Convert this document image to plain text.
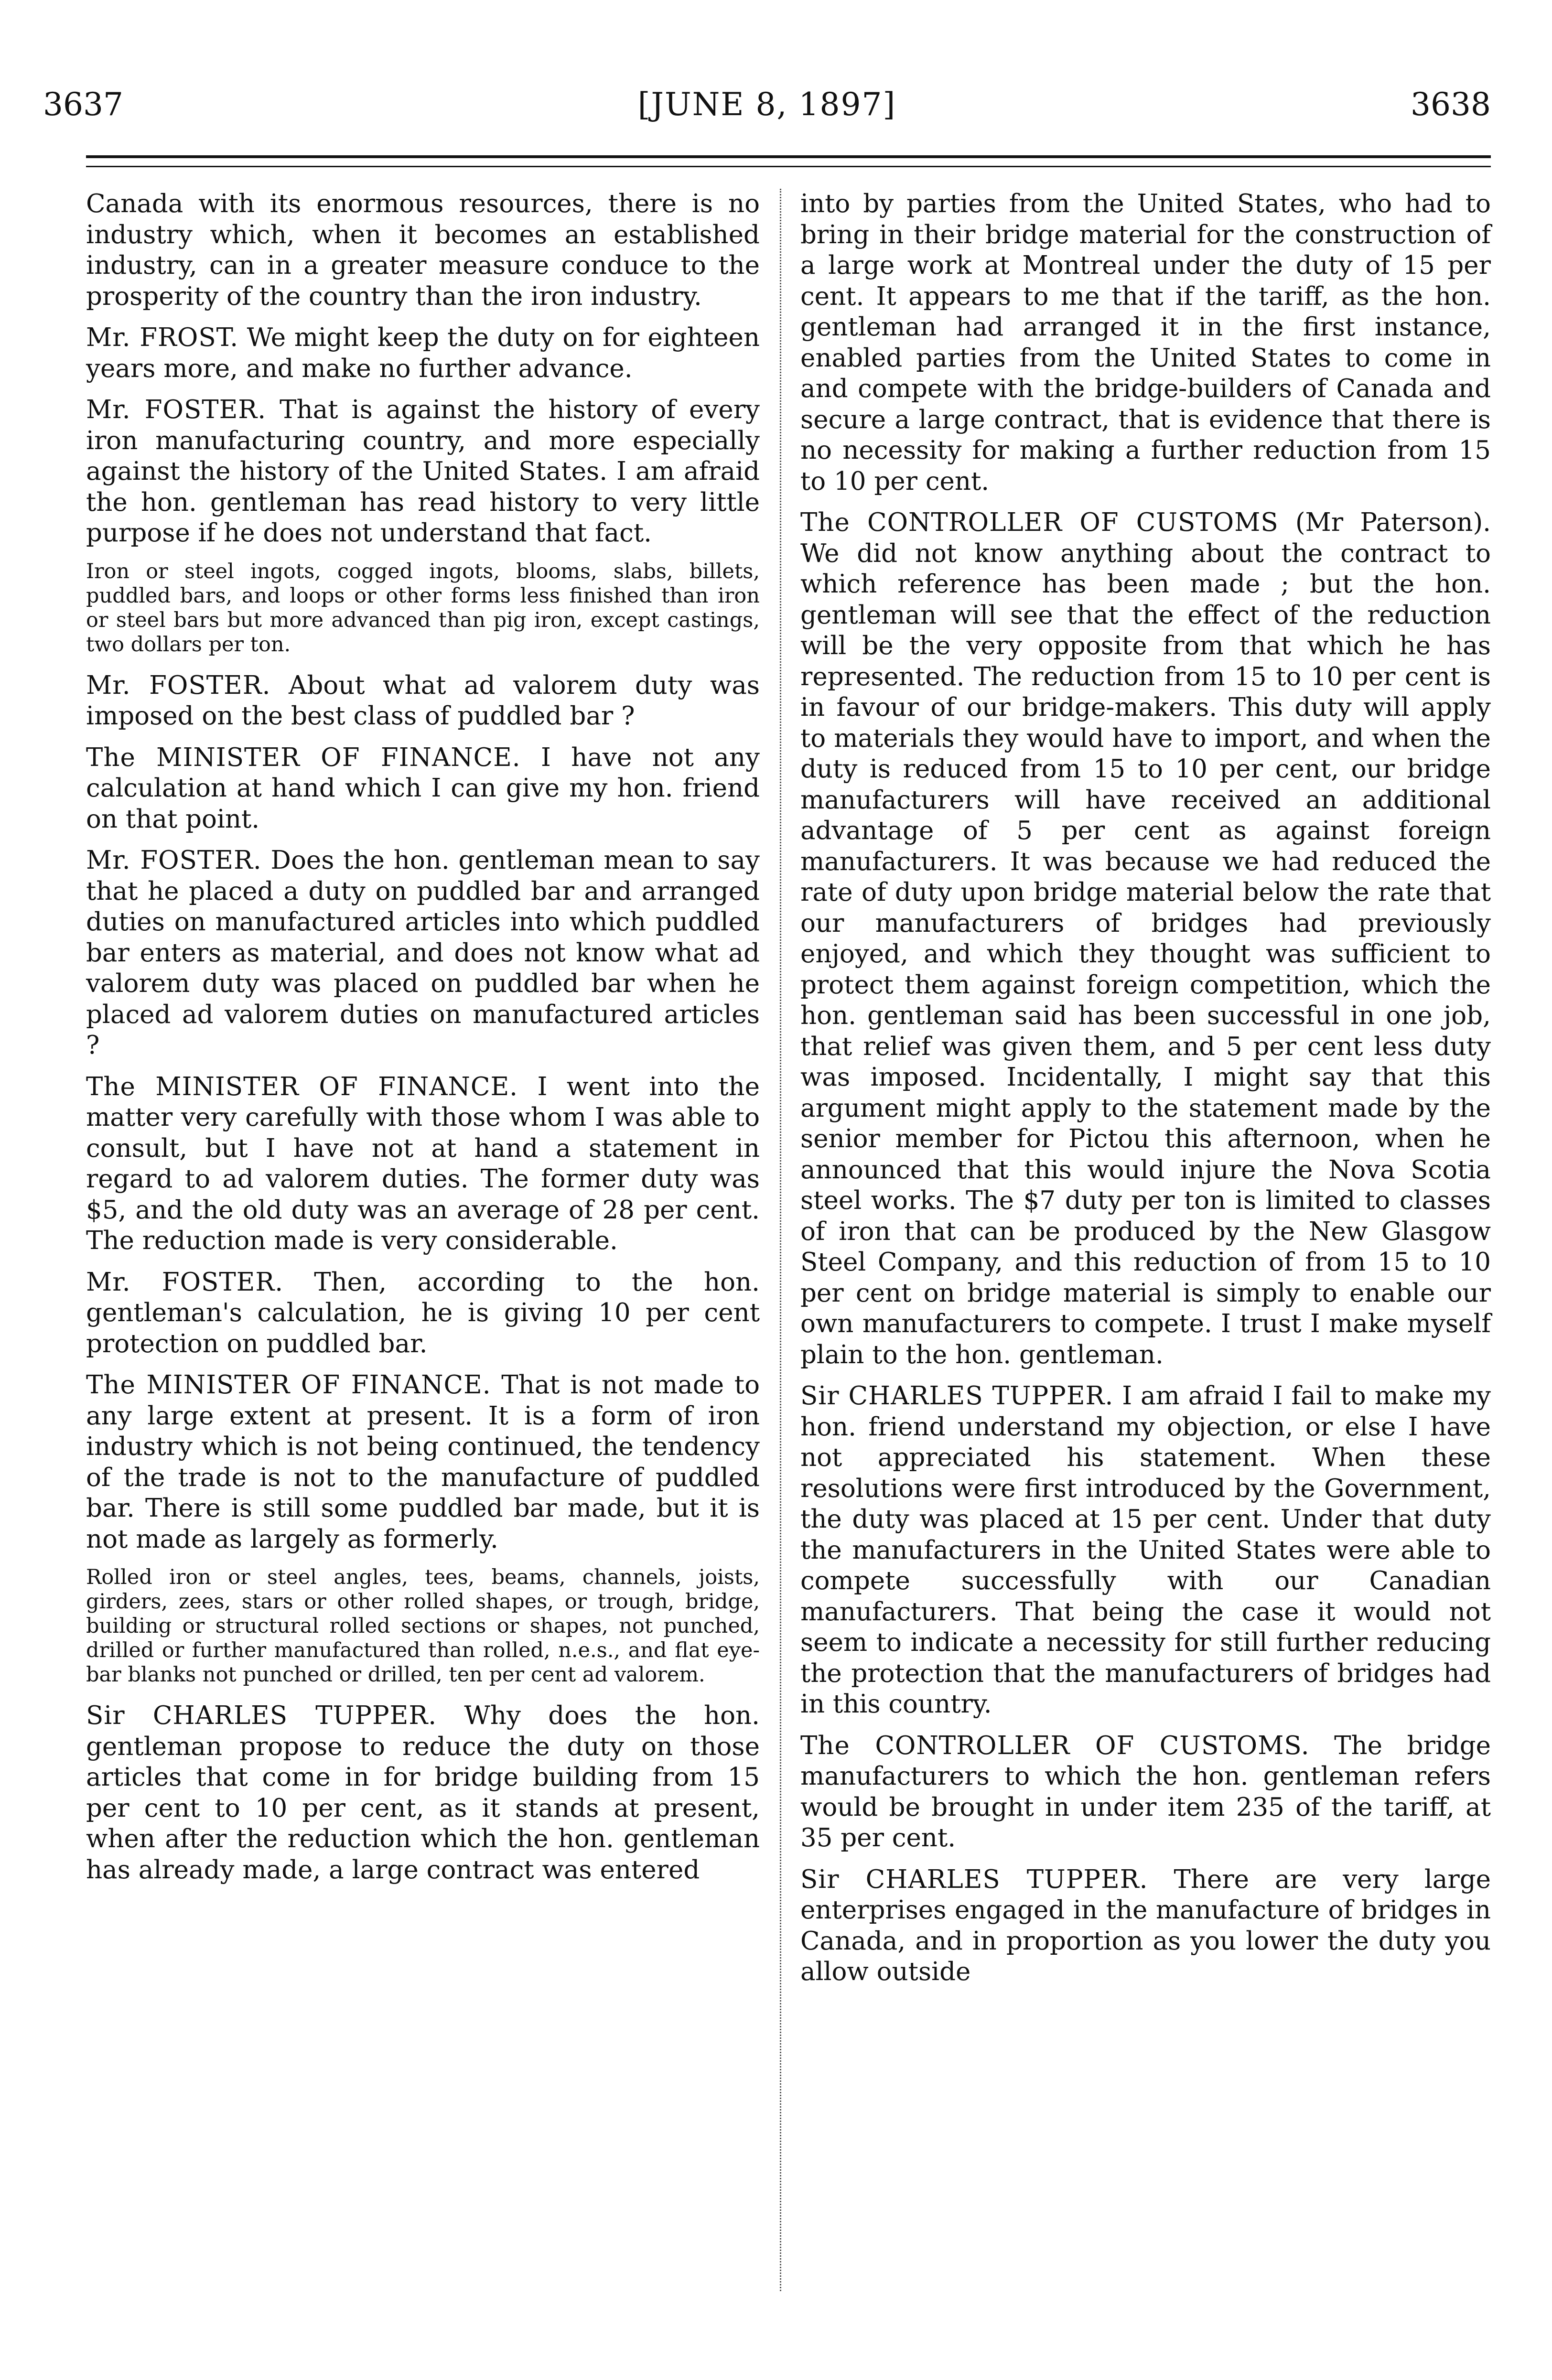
3637	[JUNE 8, 1897]	3638

Canada with its enormous resources, there is no industry which, when it becomes an established industry, can in a greater measure conduce to the prosperity of the country than the iron industry.

Mr. FROST. We might keep the duty on for eighteen years more, and make no further advance.

Mr. FOSTER. That is against the history of every iron manufacturing country, and more especially against the history of the United States. I am afraid the hon. gentleman has read history to very little purpose if he does not understand that fact.

Iron or steel ingots, cogged ingots, blooms, slabs, billets, puddled bars, and loops or other forms less finished than iron or steel bars but more advanced than pig iron, except castings, two dollars per ton.

Mr. FOSTER. About what ad valorem duty was imposed on the best class of puddled bar ?

The MINISTER OF FINANCE. I have not any calculation at hand which I can give my hon. friend on that point.

Mr. FOSTER. Does the hon. gentleman mean to say that he placed a duty on puddled bar and arranged duties on manufactured articles into which puddled bar enters as material, and does not know what ad valorem duty was placed on puddled bar when he placed ad valorem duties on manufactured articles ?

The MINISTER OF FINANCE. I went into the matter very carefully with those whom I was able to consult, but I have not at hand a statement in regard to ad valorem duties. The former duty was $5, and the old duty was an average of 28 per cent. The reduction made is very considerable.

Mr. FOSTER. Then, according to the hon. gentleman's calculation, he is giving 10 per cent protection on puddled bar.

The MINISTER OF FINANCE. That is not made to any large extent at present. It is a form of iron industry which is not being continued, the tendency of the trade is not to the manufacture of puddled bar. There is still some puddled bar made, but it is not made as largely as formerly.

Rolled iron or steel angles, tees, beams, channels, joists, girders, zees, stars or other rolled shapes, or trough, bridge, building or structural rolled sections or shapes, not punched, drilled or further manufactured than rolled, n.e.s., and flat eye-bar blanks not punched or drilled, ten per cent ad valorem.

Sir CHARLES TUPPER. Why does the hon. gentleman propose to reduce the duty on those articles that come in for bridge building from 15 per cent to 10 per cent, as it stands at present, when after the reduction which the hon. gentleman has already made, a large contract was entered

into by parties from the United States, who had to bring in their bridge material for the construction of a large work at Montreal under the duty of 15 per cent. It appears to me that if the tariff, as the hon. gentleman had arranged it in the first instance, enabled parties from the United States to come in and compete with the bridge-builders of Canada and secure a large contract, that is evidence that there is no necessity for making a further reduction from 15 to 10 per cent.

The CONTROLLER OF CUSTOMS (Mr Paterson). We did not know anything about the contract to which reference has been made ; but the hon. gentleman will see that the effect of the reduction will be the very opposite from that which he has represented. The reduction from 15 to 10 per cent is in favour of our bridge-makers. This duty will apply to materials they would have to import, and when the duty is reduced from 15 to 10 per cent, our bridge manufacturers will have received an additional advantage of 5 per cent as against foreign manufacturers. It was because we had reduced the rate of duty upon bridge material below the rate that our manufacturers of bridges had previously enjoyed, and which they thought was sufficient to protect them against foreign competition, which the hon. gentleman said has been successful in one job, that relief was given them, and 5 per cent less duty was imposed. Incidentally, I might say that this argument might apply to the statement made by the senior member for Pictou this afternoon, when he announced that this would injure the Nova Scotia steel works. The $7 duty per ton is limited to classes of iron that can be produced by the New Glasgow Steel Company, and this reduction of from 15 to 10 per cent on bridge material is simply to enable our own manufacturers to compete. I trust I make myself plain to the hon. gentleman.

Sir CHARLES TUPPER. I am afraid I fail to make my hon. friend understand my objection, or else I have not appreciated his statement. When these resolutions were first introduced by the Government, the duty was placed at 15 per cent. Under that duty the manufacturers in the United States were able to compete successfully with our Canadian manufacturers. That being the case it would not seem to indicate a necessity for still further reducing the protection that the manufacturers of bridges had in this country.

The CONTROLLER OF CUSTOMS. The bridge manufacturers to which the hon. gentleman refers would be brought in under item 235 of the tariff, at 35 per cent.

Sir CHARLES TUPPER. There are very large enterprises engaged in the manufacture of bridges in Canada, and in proportion as you lower the duty you allow outside
